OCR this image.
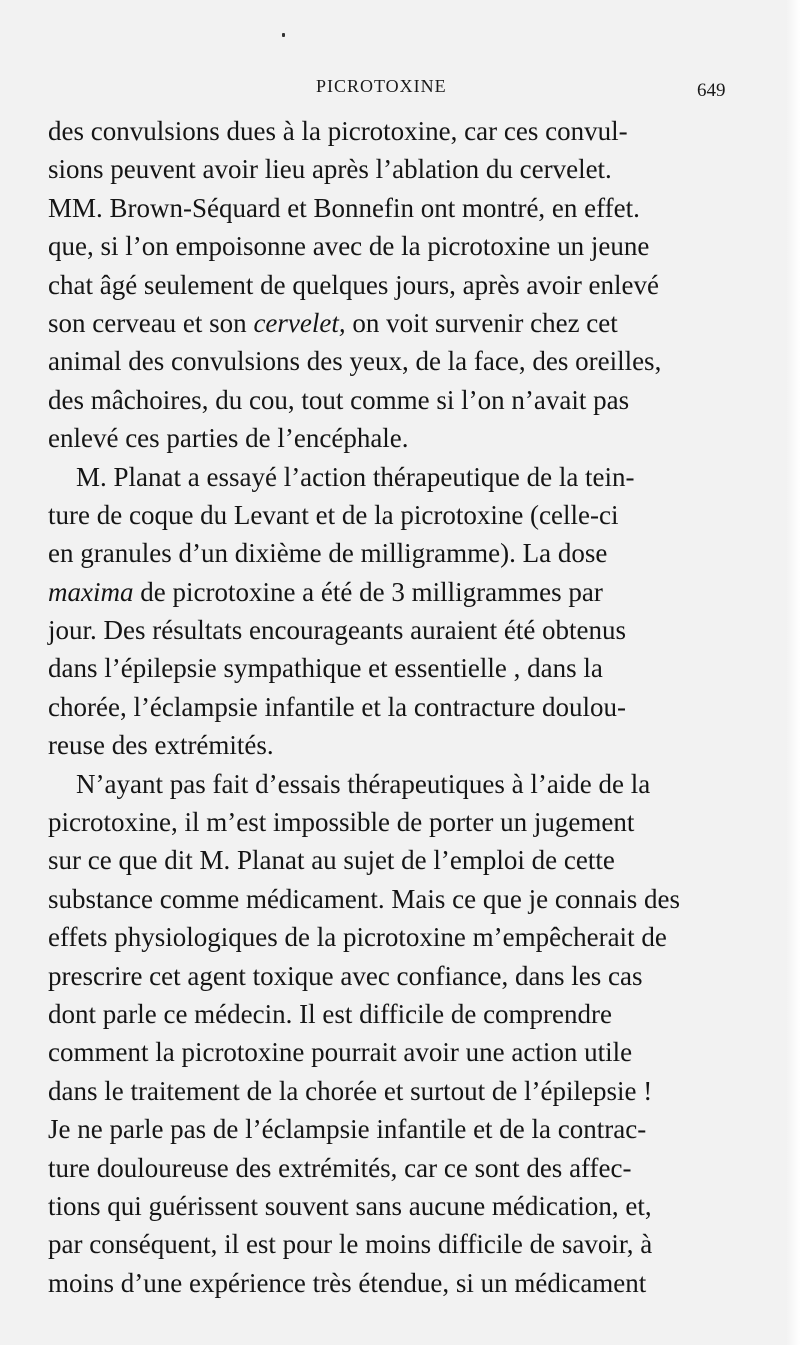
PICROTOXINE	649
des convulsions dues à la picrotoxine, car ces convul-
sions peuvent avoir lieu après l’ablation du cervelet.
MM. Brown-Séquard et Bonnefin ont montré, en effet.
que, si l’on empoisonne avec de la picrotoxine un jeune
chat âgé seulement de quelques jours, après avoir enlevé
son cerveau et son cervelet, on voit survenir chez cet
animal des convulsions des yeux, de la face, des oreilles,
des mâchoires, du cou, tout comme si l’on n’avait pas
enlevé ces parties de l’encéphale.
M. Planat a essayé l’action thérapeutique de la tein-
ture de coque du Levant et de la picrotoxine (celle-ci
en granules d’un dixième de milligramme). La dose
maxima de picrotoxine a été de 3 milligrammes par
jour. Des résultats encourageants auraient été obtenus
dans l’épilepsie sympathique et essentielle , dans la
chorée, l’éclampsie infantile et la contracture doulou-
reuse des extrémités.
N’ayant pas fait d’essais thérapeutiques à l’aide de la
picrotoxine, il m’est impossible de porter un jugement
sur ce que dit M. Planat au sujet de l’emploi de cette
substance comme médicament. Mais ce que je connais des
effets physiologiques de la picrotoxine m’empêcherait de
prescrire cet agent toxique avec confiance, dans les cas
dont parle ce médecin. Il est difficile de comprendre
comment la picrotoxine pourrait avoir une action utile
dans le traitement de la chorée et surtout de l’épilepsie !
Je ne parle pas de l’éclampsie infantile et de la contrac-
ture douloureuse des extrémités, car ce sont des affec-
tions qui guérissent souvent sans aucune médication, et,
par conséquent, il est pour le moins difficile de savoir, à
moins d’une expérience très étendue, si un médicament
